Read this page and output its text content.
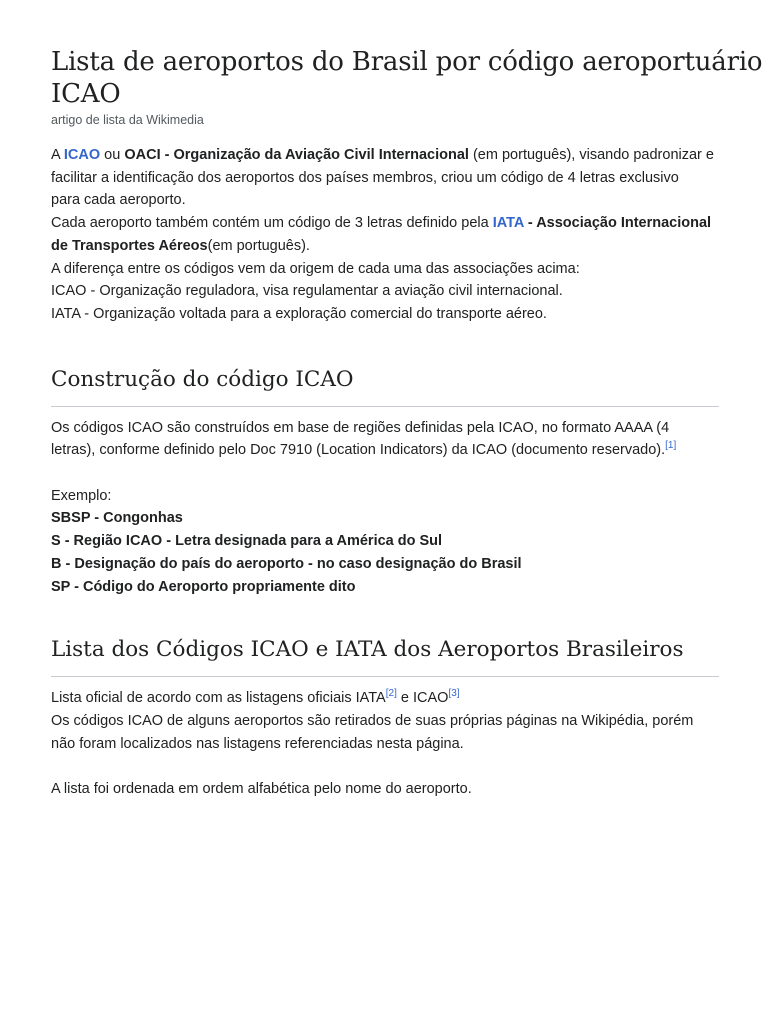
Lista de aeroportos do Brasil por código aeroportuário
ICAO
artigo de lista da Wikimedia
A ICAO ou OACI - Organização da Aviação Civil Internacional (em português), visando padronizar e
facilitar a identificação dos aeroportos dos países membros, criou um código de 4 letras exclusivo
para cada aeroporto.
Cada aeroporto também contém um código de 3 letras definido pela IATA - Associação Internacional
de Transportes Aéreos(em português).
A diferença entre os códigos vem da origem de cada uma das associações acima:
ICAO - Organização reguladora, visa regulamentar a aviação civil internacional.
IATA - Organização voltada para a exploração comercial do transporte aéreo.
Construção do código ICAO
Os códigos ICAO são construídos em base de regiões definidas pela ICAO, no formato AAAA (4
letras), conforme definido pelo Doc 7910 (Location Indicators) da ICAO (documento reservado).[1]
Exemplo:
SBSP - Congonhas
S - Região ICAO - Letra designada para a América do Sul
B - Designação do país do aeroporto - no caso designação do Brasil
SP - Código do Aeroporto propriamente dito
Lista dos Códigos ICAO e IATA dos Aeroportos Brasileiros
Lista oficial de acordo com as listagens oficiais IATA[2] e ICAO[3]
Os códigos ICAO de alguns aeroportos são retirados de suas próprias páginas na Wikipédia, porém
não foram localizados nas listagens referenciadas nesta página.
A lista foi ordenada em ordem alfabética pelo nome do aeroporto.
